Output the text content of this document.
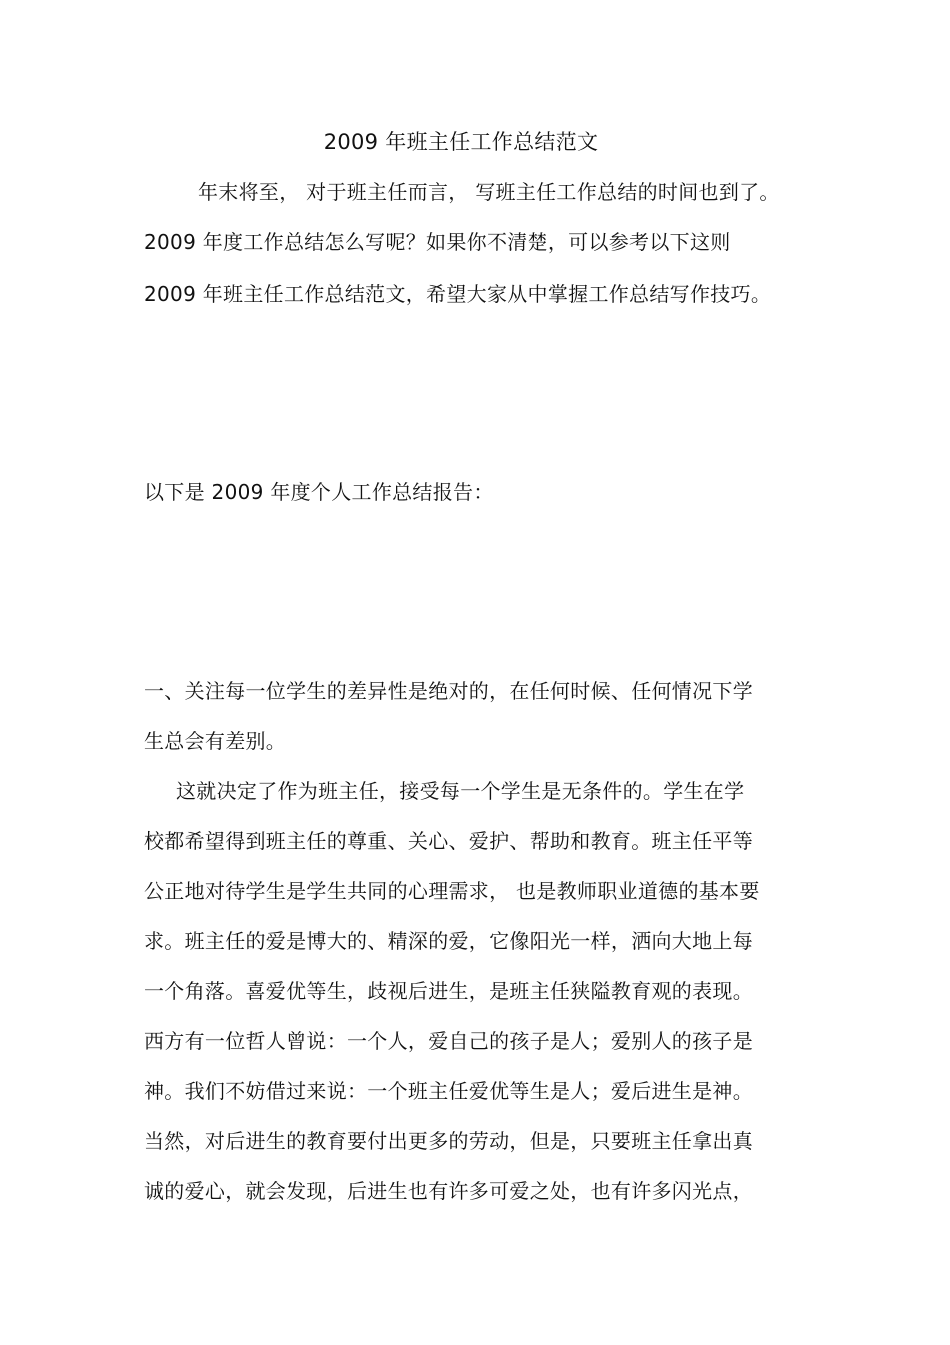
2009 年班主任工作总结范文
年末将至， 对于班主任而言， 写班主任工作总结的时间也到了。
2009 年度工作总结怎么写呢？如果你不清楚，可以参考以下这则
2009 年班主任工作总结范文，希望大家从中掌握工作总结写作技巧。
以下是 2009 年度个人工作总结报告：
一、关注每一位学生的差异性是绝对的，在任何时候、任何情况下学
生总会有差别。
这就决定了作为班主任，接受每一个学生是无条件的。学生在学
校都希望得到班主任的尊重、关心、爱护、帮助和教育。班主任平等
公正地对待学生是学生共同的心理需求， 也是教师职业道德的基本要
求。班主任的爱是博大的、精深的爱，它像阳光一样，洒向大地上每
一个角落。喜爱优等生，歧视后进生，是班主任狭隘教育观的表现。
西方有一位哲人曾说：一个人，爱自己的孩子是人；爱别人的孩子是
神。我们不妨借过来说：一个班主任爱优等生是人；爱后进生是神。
当然，对后进生的教育要付出更多的劳动，但是，只要班主任拿出真
诚的爱心，就会发现，后进生也有许多可爱之处，也有许多闪光点，
